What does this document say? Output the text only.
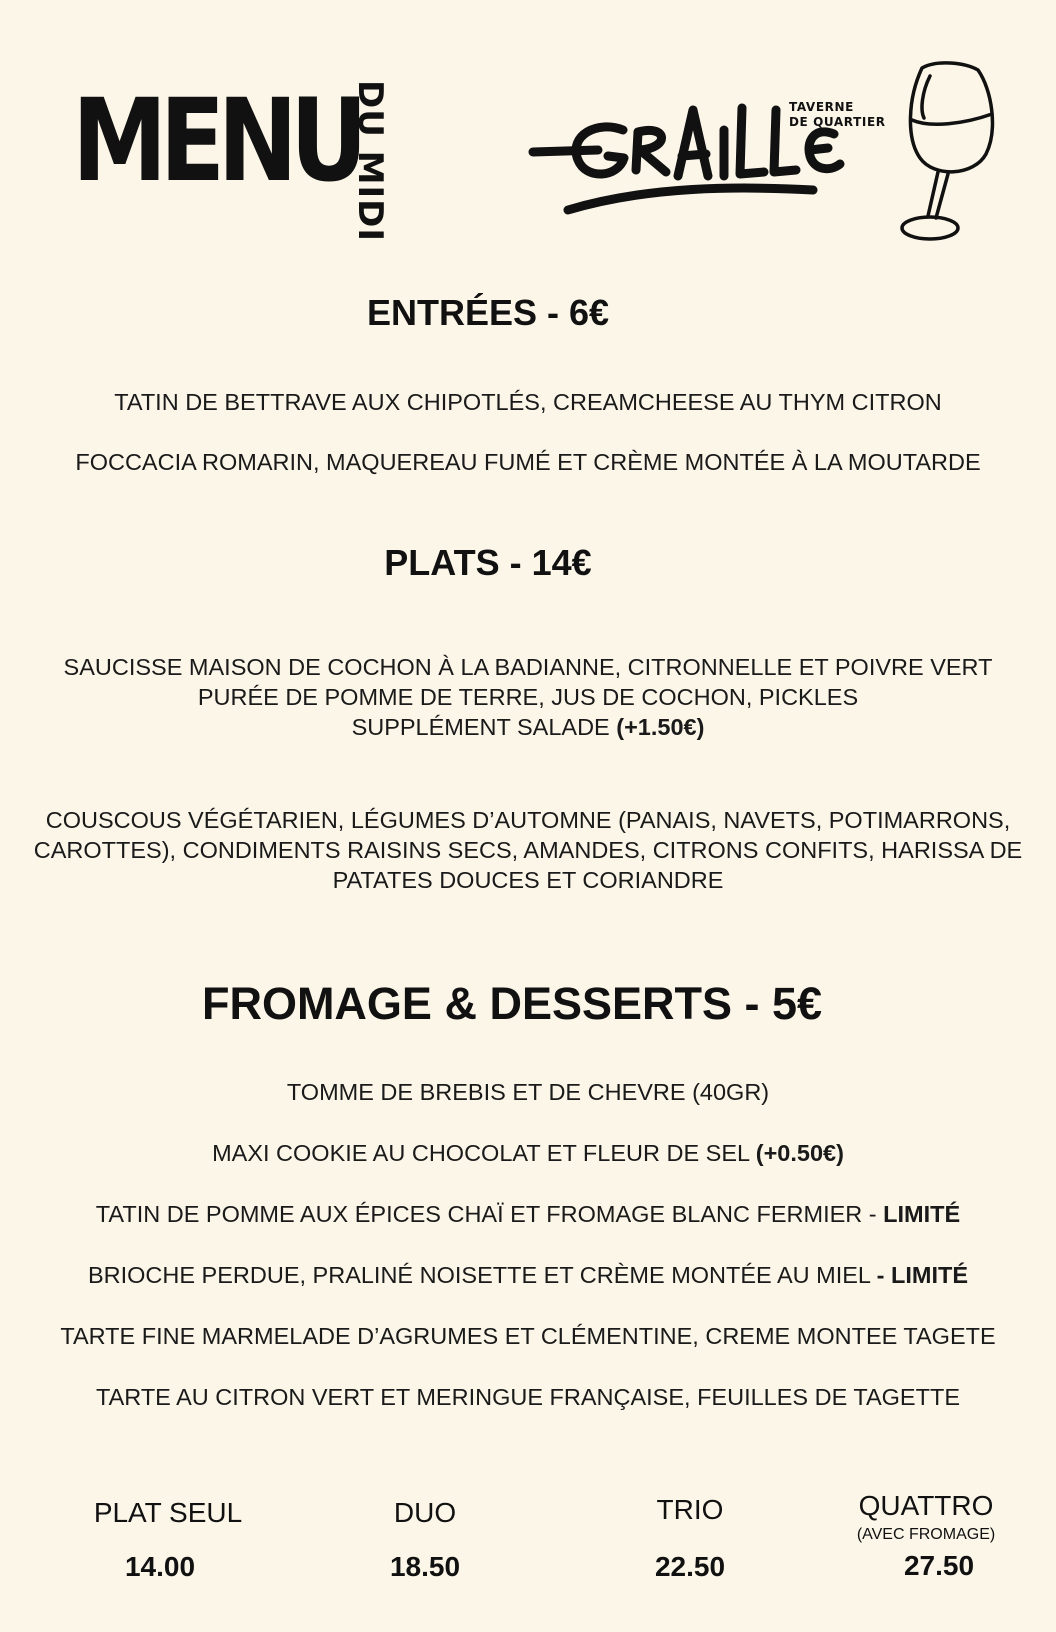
MENU
DU MIDI	TAVERNE
DE QUARTIER
ENTRÉES - 6€

TATIN DE BETTRAVE AUX CHIPOTLÉS, CREAMCHEESE AU THYM CITRON

FOCCACIA ROMARIN, MAQUEREAU FUMÉ ET CRÈME MONTÉE À LA MOUTARDE

PLATS - 14€
SAUCISSE MAISON DE COCHON À LA BADIANNE, CITRONNELLE ET POIVRE VERT
PURÉE DE POMME DE TERRE, JUS DE COCHON, PICKLES
SUPPLÉMENT SALADE (+1.50€)
COUSCOUS VÉGÉTARIEN, LÉGUMES D’AUTOMNE (PANAIS, NAVETS, POTIMARRONS,
CAROTTES), CONDIMENTS RAISINS SECS, AMANDES, CITRONS CONFITS, HARISSA DE
PATATES DOUCES ET CORIANDRE
FROMAGE & DESSERTS - 5€

TOMME DE BREBIS ET DE CHEVRE (40GR)

MAXI COOKIE AU CHOCOLAT ET FLEUR DE SEL (+0.50€)

TATIN DE POMME AUX ÉPICES CHAÏ ET FROMAGE BLANC FERMIER - LIMITÉ

BRIOCHE PERDUE, PRALINÉ NOISETTE ET CRÈME MONTÉE AU MIEL - LIMITÉ

TARTE FINE MARMELADE D’AGRUMES ET CLÉMENTINE, CREME MONTEE TAGETE

TARTE AU CITRON VERT ET MERINGUE FRANÇAISE, FEUILLES DE TAGETTE

PLAT SEUL
14.00
DUO
18.50
TRIO
22.50
QUATTRO
(AVEC FROMAGE)
27.50
